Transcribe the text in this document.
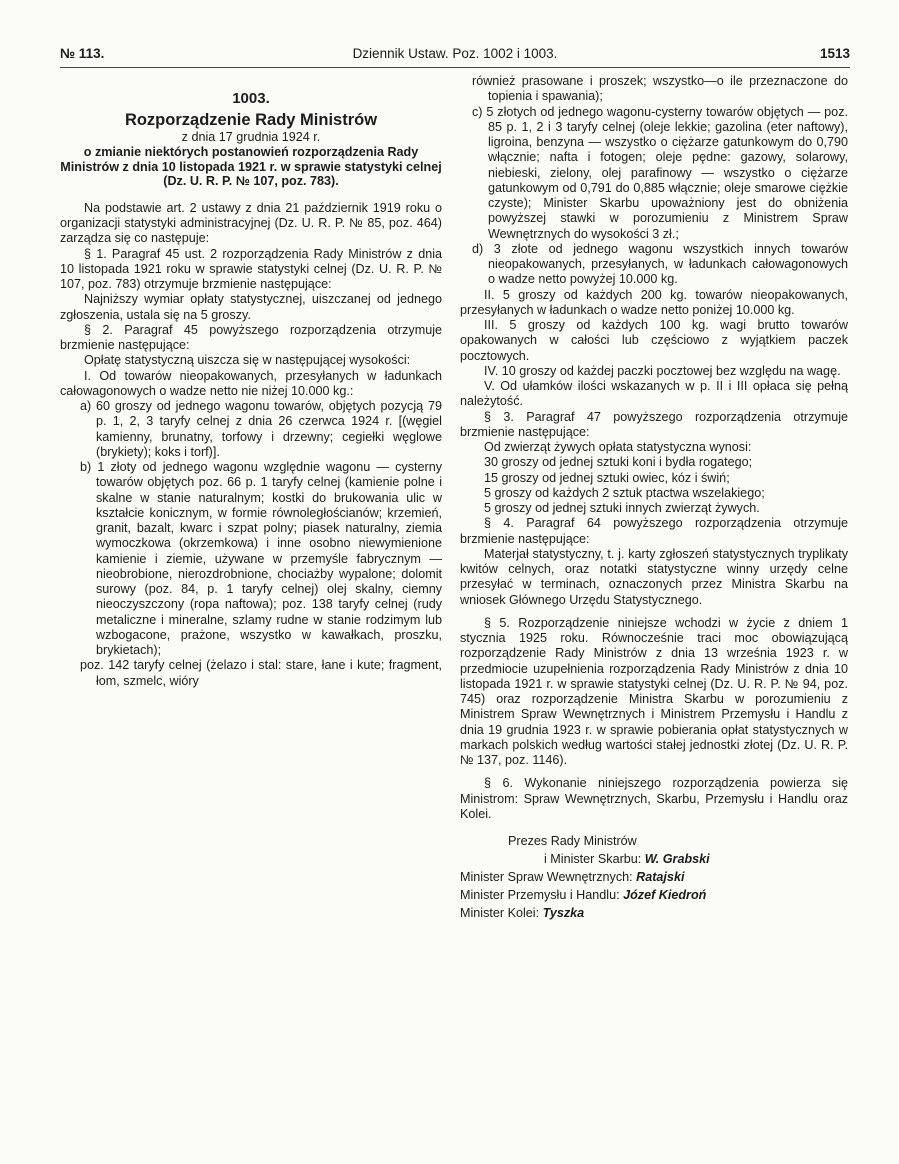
№ 113.	Dziennik Ustaw. Poz. 1002 i 1003.	1513

1003.

Rozporządzenie Rady Ministrów

z dnia 17 grudnia 1924 r.

o zmianie niektórych postanowień rozporządzenia Rady Ministrów z dnia 10 listopada 1921 r. w sprawie statystyki celnej (Dz. U. R. P. № 107, poz. 783).

Na podstawie art. 2 ustawy z dnia 21 październik 1919 roku o organizacji statystyki administracyjnej (Dz. U. R. P. № 85, poz. 464) zarządza się co następuje:

§ 1. Paragraf 45 ust. 2 rozporządzenia Rady Ministrów z dnia 10 listopada 1921 roku w sprawie statystyki celnej (Dz. U. R. P. № 107, poz. 783) otrzymuje brzmienie następujące:

Najniższy wymiar opłaty statystycznej, uiszczanej od jednego zgłoszenia, ustala się na 5 groszy.

§ 2. Paragraf 45 powyższego rozporządzenia otrzymuje brzmienie następujące:

Opłatę statystyczną uiszcza się w następującej wysokości:

I. Od towarów nieopakowanych, przesyłanych w ładunkach całowagonowych o wadze netto nie niżej 10.000 kg.:

a) 60 groszy od jednego wagonu towarów, objętych pozycją 79 p. 1, 2, 3 taryfy celnej z dnia 26 czerwca 1924 r. [(węgiel kamienny, brunatny, torfowy i drzewny; cegiełki węglowe (brykiety); koks i torf)].

b) 1 złoty od jednego wagonu względnie wagonu — cysterny towarów objętych poz. 66 p. 1 taryfy celnej (kamienie polne i skalne w stanie naturalnym; kostki do brukowania ulic w kształcie konicznym, w formie równoległościanów; krzemień, granit, bazalt, kwarc i szpat polny; piasek naturalny, ziemia wymoczkowa (okrzemkowa) i inne osobno niewymienione kamienie i ziemie, używane w przemyśle fabrycznym — nieobrobione, nierozdrobnione, chociażby wypalone; dolomit surowy (poz. 84, p. 1 taryfy celnej) olej skalny, ciemny nieoczyszczony (ropa naftowa); poz. 138 taryfy celnej (rudy metaliczne i mineralne, szlamy rudne w stanie rodzimym lub wzbogacone, prażone, wszystko w kawałkach, proszku, brykietach);

poz. 142 taryfy celnej (żelazo i stal: stare, łane i kute; fragment, łom, szmelc, wióry

również prasowane i proszek; wszystko—o ile przeznaczone do topienia i spawania);

c) 5 złotych od jednego wagonu-cysterny towarów objętych — poz. 85 p. 1, 2 i 3 taryfy celnej (oleje lekkie; gazolina (eter naftowy), ligroina, benzyna — wszystko o ciężarze gatunkowym do 0,790 włącznie; nafta i fotogen; oleje pędne: gazowy, solarowy, niebieski, zielony, olej parafinowy — wszystko o ciężarze gatunkowym od 0,791 do 0,885 włącznie; oleje smarowe ciężkie czyste); Minister Skarbu upoważniony jest do obniżenia powyższej stawki w porozumieniu z Ministrem Spraw Wewnętrznych do wysokości 3 zł.;

d) 3 złote od jednego wagonu wszystkich innych towarów nieopakowanych, przesyłanych, w ładunkach całowagonowych o wadze netto powyżej 10.000 kg.

II. 5 groszy od każdych 200 kg. towarów nieopakowanych, przesyłanych w ładunkach o wadze netto poniżej 10.000 kg.

III. 5 groszy od każdych 100 kg. wagi brutto towarów opakowanych w całości lub częściowo z wyjątkiem paczek pocztowych.

IV. 10 groszy od każdej paczki pocztowej bez względu na wagę.

V. Od ułamków ilości wskazanych w p. II i III opłaca się pełną należytość.

§ 3. Paragraf 47 powyższego rozporządzenia otrzymuje brzmienie następujące:

Od zwierząt żywych opłata statystyczna wynosi:

30 groszy od jednej sztuki koni i bydła rogatego;

15 groszy od jednej sztuki owiec, kóz i świń;

5 groszy od każdych 2 sztuk ptactwa wszelakiego;

5 groszy od jednej sztuki innych zwierząt żywych.

§ 4. Paragraf 64 powyższego rozporządzenia otrzymuje brzmienie następujące:

Materjał statystyczny, t. j. karty zgłoszeń statystycznych tryplikaty kwitów celnych, oraz notatki statystyczne winny urzędy celne przesyłać w terminach, oznaczonych przez Ministra Skarbu na wniosek Głównego Urzędu Statystycznego.

§ 5. Rozporządzenie niniejsze wchodzi w życie z dniem 1 stycznia 1925 roku. Równocześnie traci moc obowiązującą rozporządzenie Rady Ministrów z dnia 13 września 1923 r. w przedmiocie uzupełnienia rozporządzenia Rady Ministrów z dnia 10 listopada 1921 r. w sprawie statystyki celnej (Dz. U. R. P. № 94, poz. 745) oraz rozporządzenie Ministra Skarbu w porozumieniu z Ministrem Spraw Wewnętrznych i Ministrem Przemysłu i Handlu z dnia 19 grudnia 1923 r. w sprawie pobierania opłat statystycznych w markach polskich według wartości stałej jednostki złotej (Dz. U. R. P. № 137, poz. 1146).

§ 6. Wykonanie niniejszego rozporządzenia powierza się Ministrom: Spraw Wewnętrznych, Skarbu, Przemysłu i Handlu oraz Kolei.

Prezes Rady Ministrów
i Minister Skarbu: W. Grabski
Minister Spraw Wewnętrznych: Ratajski
Minister Przemysłu i Handlu: Józef Kiedroń
Minister Kolei: Tyszka
